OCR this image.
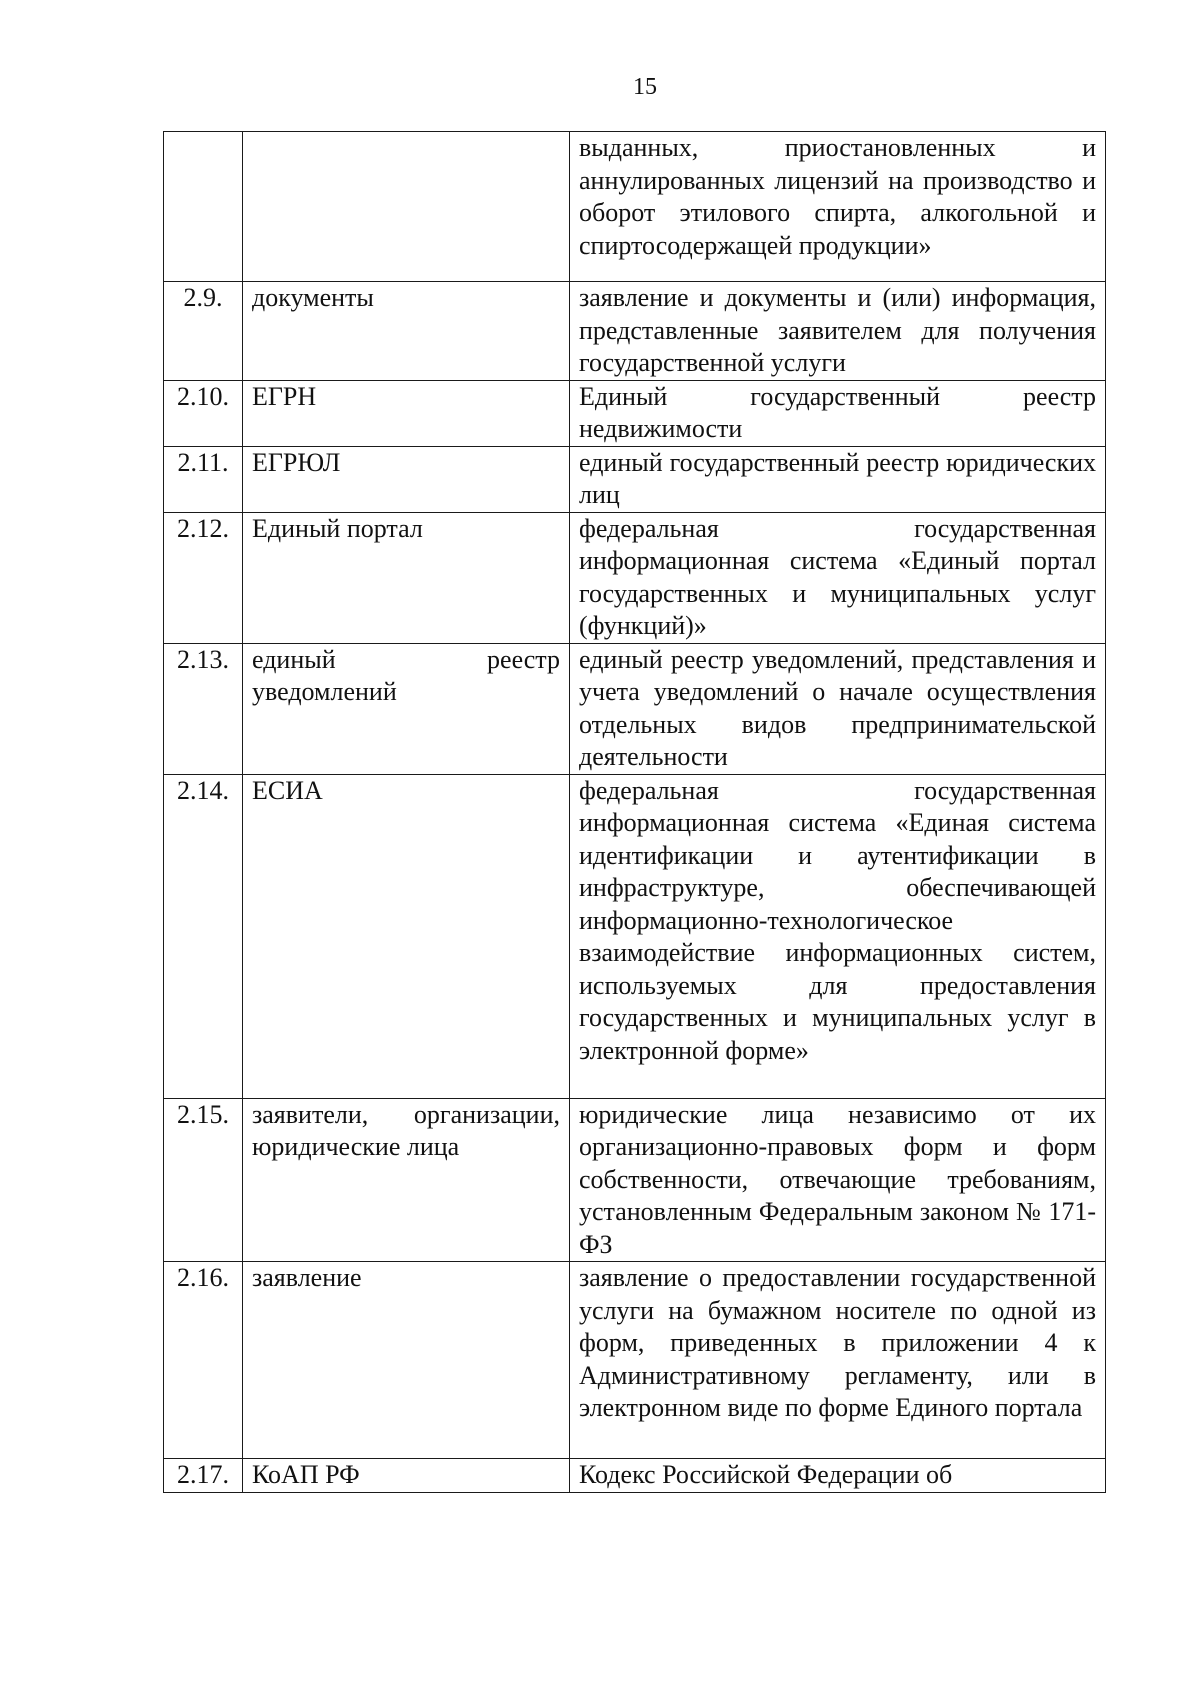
15
		выданных, приостановленных и аннулированных лицензий на производство и оборот этилового спирта, алкогольной и спиртосодержащей продукции»
2.9.	документы	заявление и документы и (или) информация, представленные заявителем для получения государственной услуги
2.10.	ЕГРН	Единый государственный реестр недвижимости
2.11.	ЕГРЮЛ	единый государственный реестр юридических лиц
2.12.	Единый портал	федеральная государственная информационная система «Единый портал государственных и муниципальных услуг (функций)»
2.13.	единый реестр уведомлений	единый реестр уведомлений, представления и учета уведомлений о начале осуществления отдельных видов предпринимательской деятельности
2.14.	ЕСИА	федеральная государственная информационная система «Единая система идентификации и аутентификации в инфраструктуре, обеспечивающей информационно-технологическое взаимодействие информационных систем, используемых для предоставления государственных и муниципальных услуг в электронной форме»
2.15.	заявители, организации, юридические лица	юридические лица независимо от их организационно-правовых форм и форм собственности, отвечающие требованиям, установленным Федеральным законом № 171-ФЗ
2.16.	заявление	заявление о предоставлении государственной услуги на бумажном носителе по одной из форм, приведенных в приложении 4 к Административному регламенту, или в электронном виде по форме Единого портала
2.17.	КоАП РФ	Кодекс Российской Федерации об
